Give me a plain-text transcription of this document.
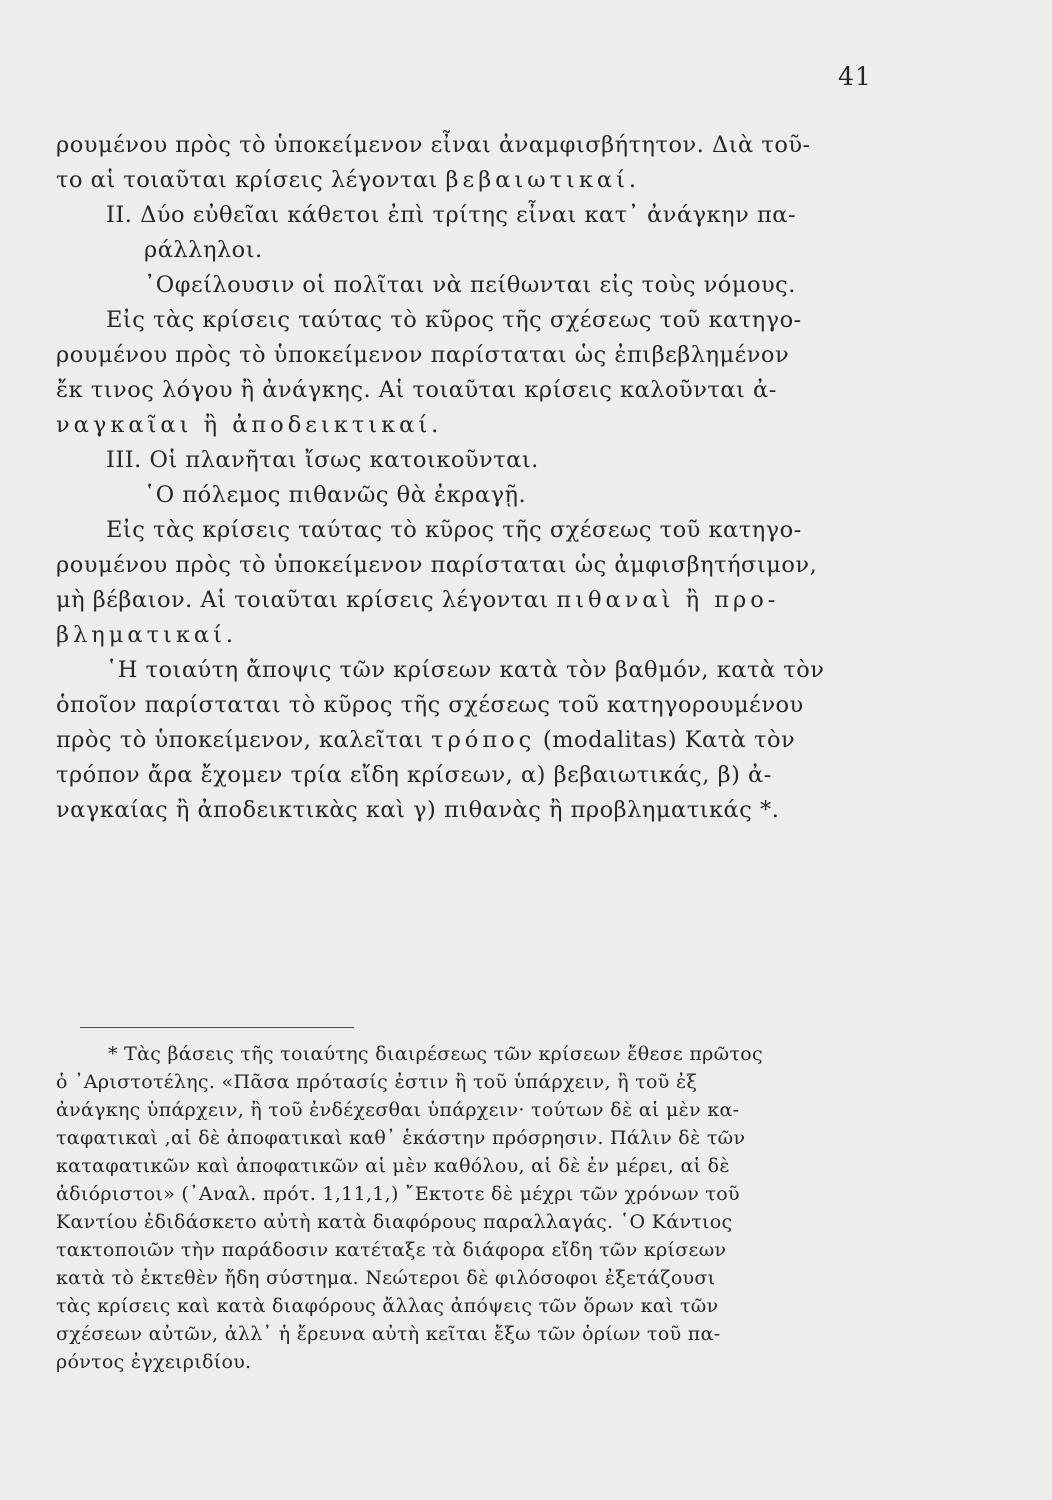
41
ρουμένου πρὸς τὸ ὑποκείμενον εἶναι ἀναμφισβήτητον. Διὰ τοῦ-
το αἱ τοιαῦται κρίσεις λέγονται βεβαιωτικαί.
II. Δύο εὐθεῖαι κάθετοι ἐπὶ τρίτης εἶναι κατ᾽ ἀνάγκην πα-
ράλληλοι.
᾽Οφείλουσιν οἱ πολῖται νὰ πείθωνται εἰς τοὺς νόμους.
Εἰς τὰς κρίσεις ταύτας τὸ κῦρος τῆς σχέσεως τοῦ κατηγο-
ρουμένου πρὸς τὸ ὑποκείμενον παρίσταται ὡς ἐπιβεβλημένον
ἔκ τινος λόγου ἢ ἀνάγκης. Αἱ τοιαῦται κρίσεις καλοῦνται ἀ-
ναγκαῖαι ἢ ἀποδεικτικαί.
III. Οἱ πλανῆται ἴσως κατοικοῦνται.
῾Ο πόλεμος πιθανῶς θὰ ἐκραγῇ.
Εἰς τὰς κρίσεις ταύτας τὸ κῦρος τῆς σχέσεως τοῦ κατηγο-
ρουμένου πρὸς τὸ ὑποκείμενον παρίσταται ὡς ἀμφισβητήσιμον,
μὴ βέβαιον. Αἱ τοιαῦται κρίσεις λέγονται πιθαναὶ ἢ προ-
βληματικαί.
῾Η τοιαύτη ἄποψις τῶν κρίσεων κατὰ τὸν βαθμόν, κατὰ τὸν
ὁποῖον παρίσταται τὸ κῦρος τῆς σχέσεως τοῦ κατηγορουμένου
πρὸς τὸ ὑποκείμενον, καλεῖται τρόπος (modalitas) Κατὰ τὸν
τρόπον ἄρα ἔχομεν τρία εἴδη κρίσεων, α) βεβαιωτικάς, β) ἀ-
ναγκαίας ἢ ἀποδεικτικὰς καὶ γ) πιθανὰς ἢ προβληματικάς *.
* Τὰς βάσεις τῆς τοιαύτης διαιρέσεως τῶν κρίσεων ἔθεσε πρῶτος
ὁ ᾽Αριστοτέλης. «Πᾶσα πρότασίς ἐστιν ἢ τοῦ ὑπάρχειν, ἢ τοῦ ἐξ
ἀνάγκης ὑπάρχειν, ἢ τοῦ ἐνδέχεσθαι ὑπάρχειν· τούτων δὲ αἱ μὲν κα-
ταφατικαὶ ,αἱ δὲ ἀποφατικαὶ καθ᾽ ἑκάστην πρόσρησιν. Πάλιν δὲ τῶν
καταφατικῶν καὶ ἀποφατικῶν αἱ μὲν καθόλου, αἱ δὲ ἐν μέρει, αἱ δὲ
ἀδιόριστοι» (᾽Αναλ. πρότ. 1,11,1,) ῎Εκτοτε δὲ μέχρι τῶν χρόνων τοῦ
Καντίου ἐδιδάσκετο αὐτὴ κατὰ διαφόρους παραλλαγάς. ῾Ο Κάντιος
τακτοποιῶν τὴν παράδοσιν κατέταξε τὰ διάφορα εἴδη τῶν κρίσεων
κατὰ τὸ ἐκτεθὲν ἤδη σύστημα. Νεώτεροι δὲ φιλόσοφοι ἐξετάζουσι
τὰς κρίσεις καὶ κατὰ διαφόρους ἄλλας ἀπόψεις τῶν ὅρων καὶ τῶν
σχέσεων αὐτῶν, ἀλλ᾽ ἡ ἔρευνα αὐτὴ κεῖται ἔξω τῶν ὁρίων τοῦ πα-
ρόντος ἐγχειριδίου.
